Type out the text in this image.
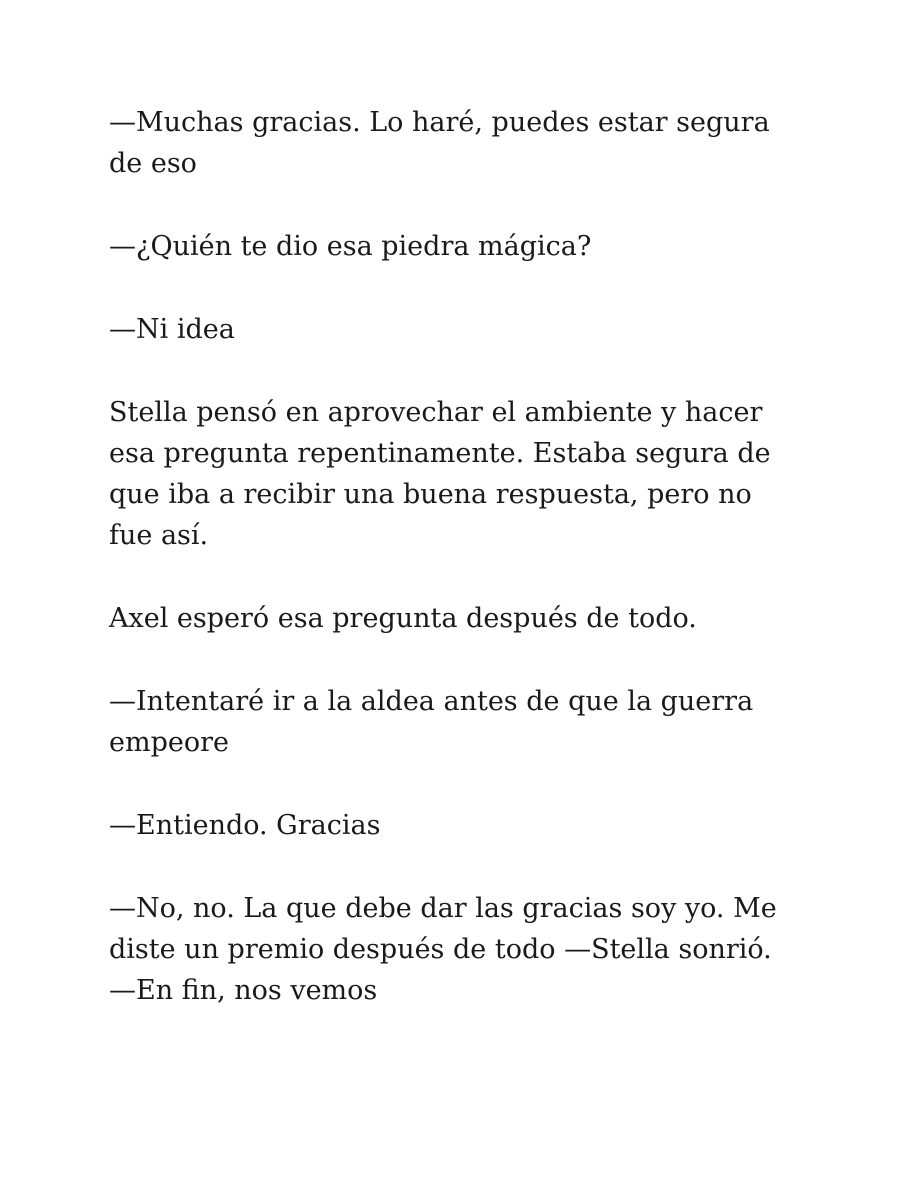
—Muchas gracias. Lo haré, puedes estar segura
de eso

—¿Quién te dio esa piedra mágica?

—Ni idea

Stella pensó en aprovechar el ambiente y hacer
esa pregunta repentinamente. Estaba segura de
que iba a recibir una buena respuesta, pero no
fue así.

Axel esperó esa pregunta después de todo.

—Intentaré ir a la aldea antes de que la guerra
empeore

—Entiendo. Gracias

—No, no. La que debe dar las gracias soy yo. Me
diste un premio después de todo —Stella sonrió.
—En fin, nos vemos
